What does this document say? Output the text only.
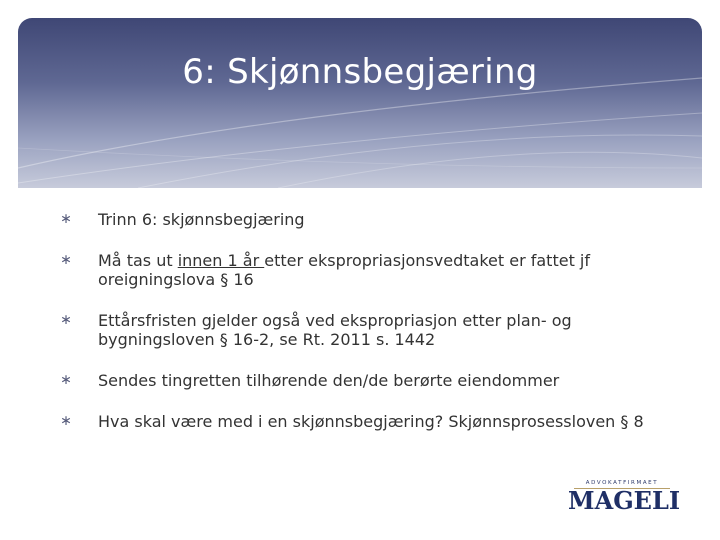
6: Skjønnsbegjæring
∗ Trinn 6: skjønnsbegjæring
∗ Må tas ut innen 1 år etter ekspropriasjonsvedtaket er fattet jf oreigningslova § 16
∗ Ettårsfristen gjelder også ved ekspropriasjon etter plan- og bygningsloven § 16-2, se Rt. 2011 s. 1442
∗ Sendes tingretten tilhørende den/de berørte eiendommer
∗ Hva skal være med i en skjønnsbegjæring? Skjønnsprosessloven § 8
ADVOKATFIRMAET
MAGELI
